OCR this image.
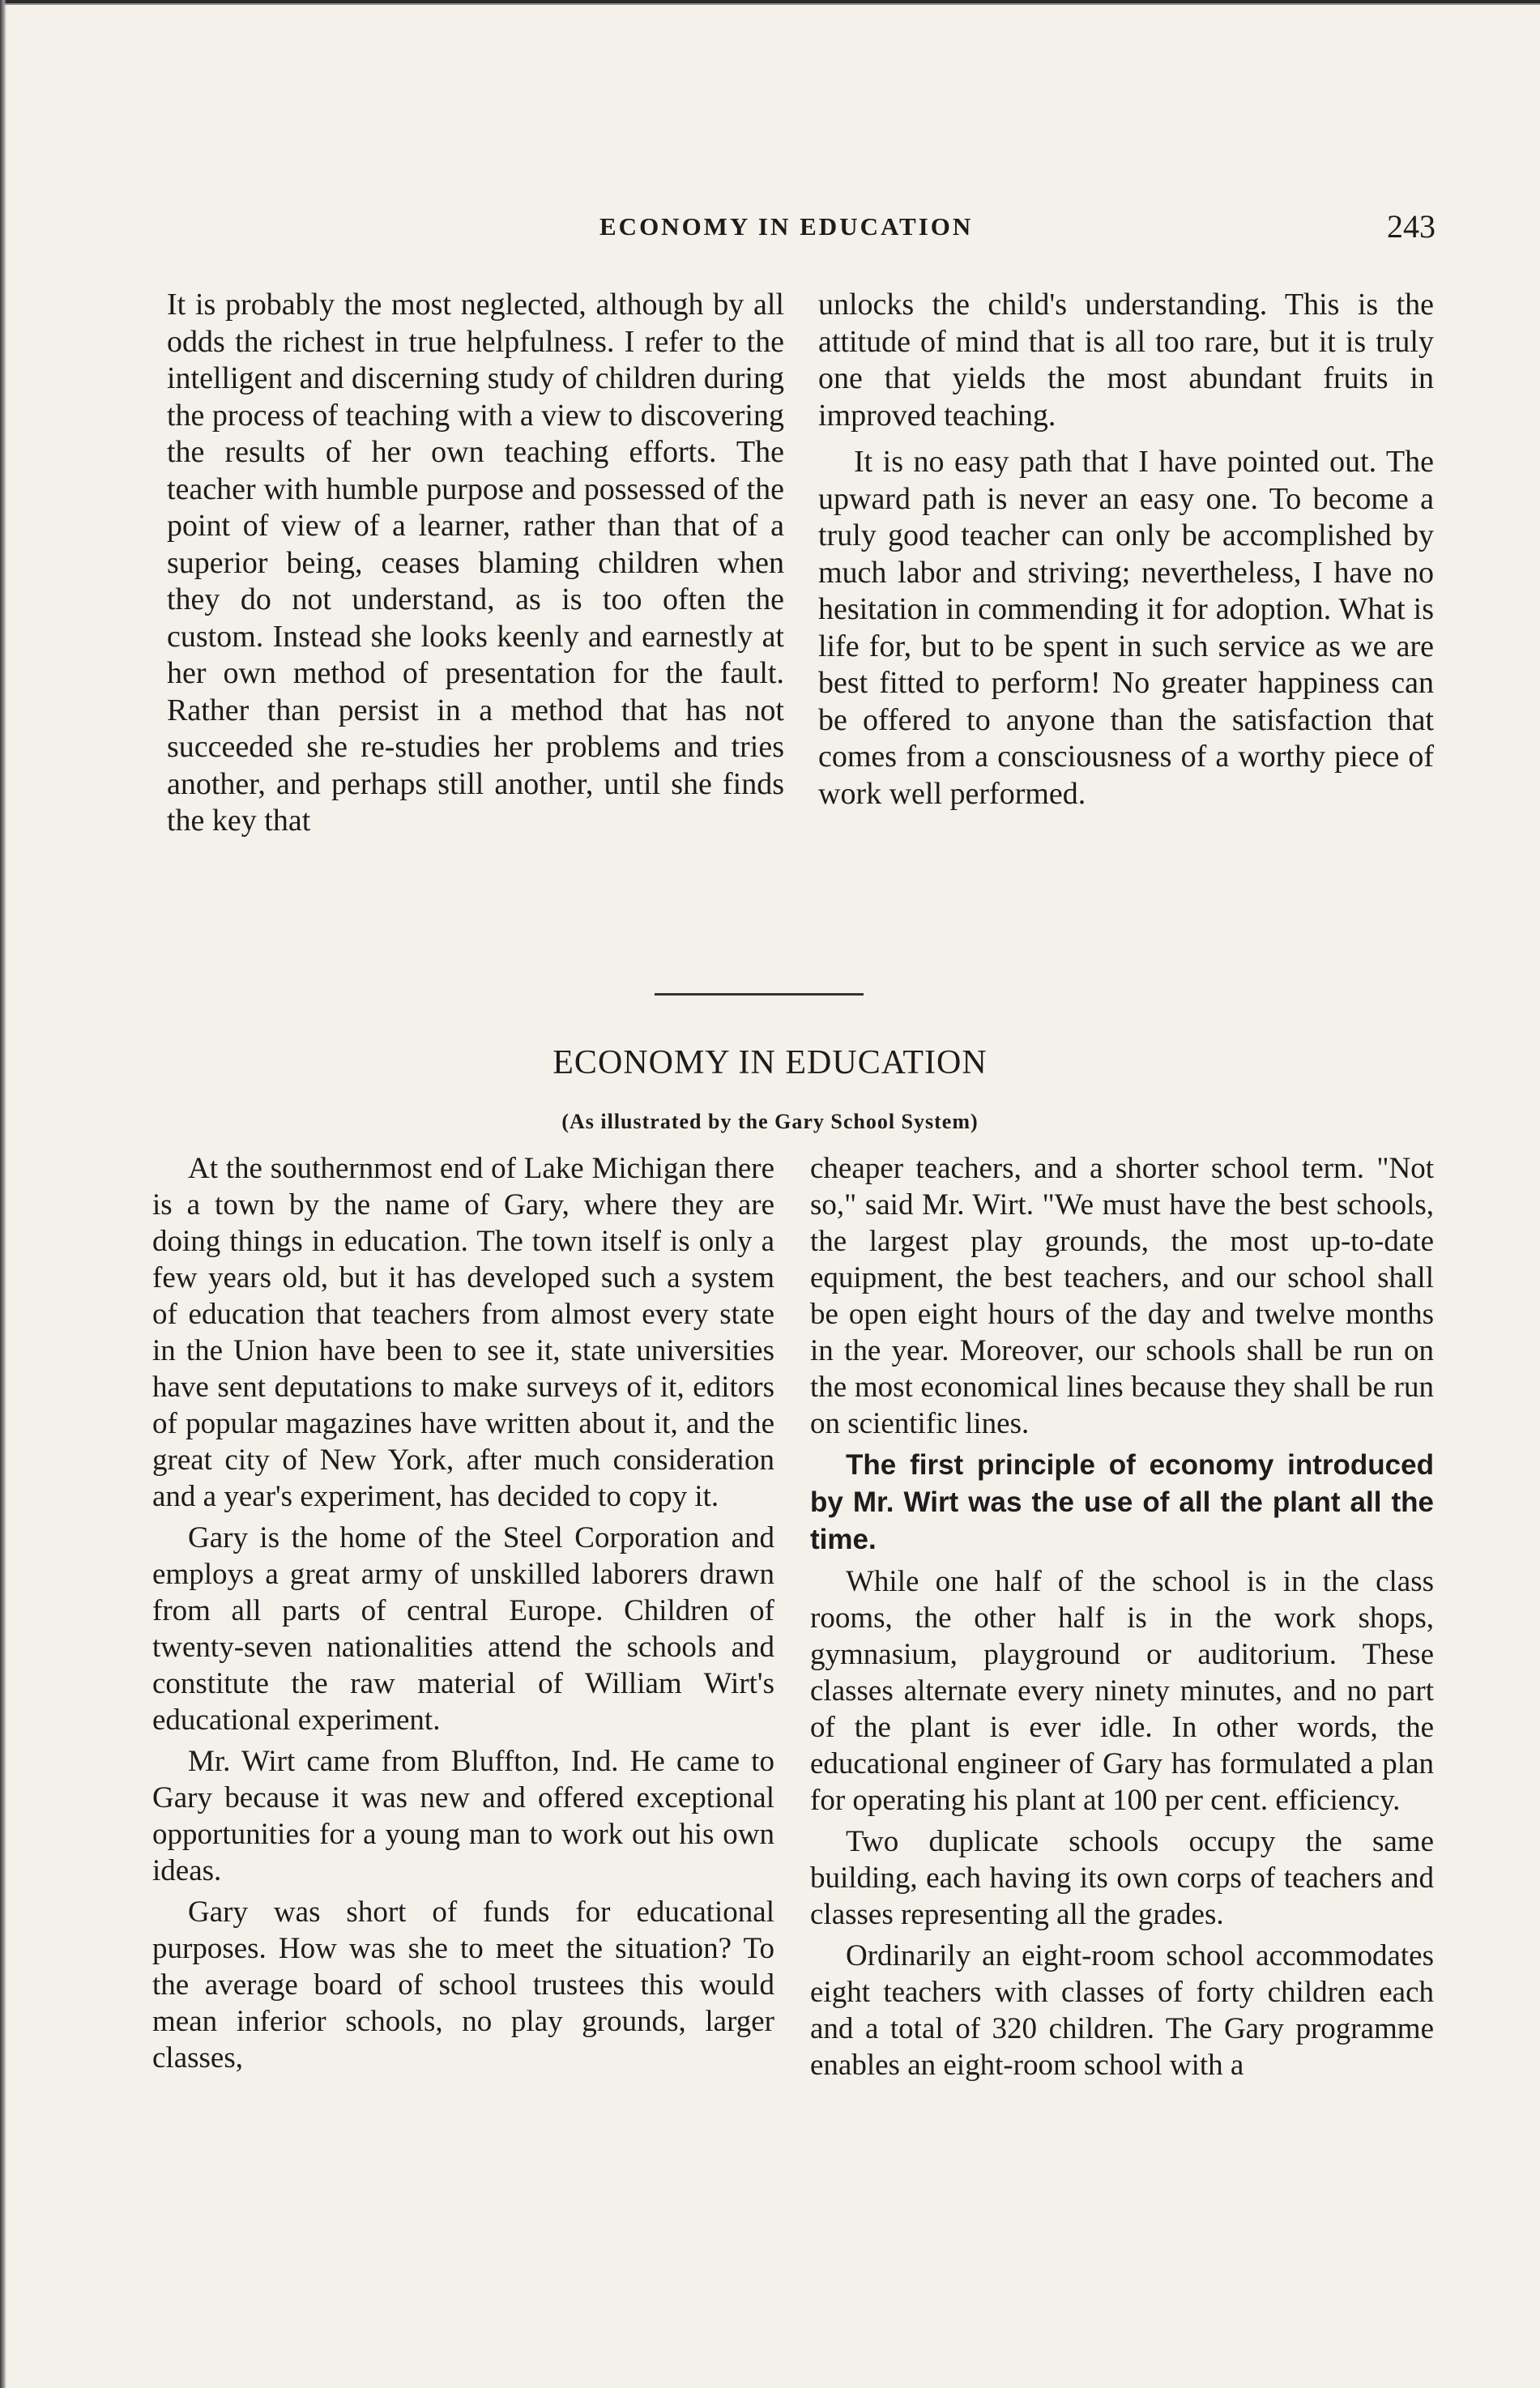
ECONOMY IN EDUCATION	243

It is probably the most neglected, although by all odds the richest in true helpfulness. I refer to the intelligent and discerning study of children during the process of teaching with a view to discovering the results of her own teaching efforts. The teacher with humble purpose and possessed of the point of view of a learner, rather than that of a superior being, ceases blaming children when they do not understand, as is too often the custom. Instead she looks keenly and earnestly at her own method of presentation for the fault. Rather than persist in a method that has not succeeded she re-studies her problems and tries another, and perhaps still another, until she finds the key that

unlocks the child's understanding. This is the attitude of mind that is all too rare, but it is truly one that yields the most abundant fruits in improved teaching.

It is no easy path that I have pointed out. The upward path is never an easy one. To become a truly good teacher can only be accomplished by much labor and striving; nevertheless, I have no hesitation in commending it for adoption. What is life for, but to be spent in such service as we are best fitted to perform! No greater happiness can be offered to anyone than the satisfaction that comes from a consciousness of a worthy piece of work well performed.

ECONOMY IN EDUCATION
(As illustrated by the Gary School System)

At the southernmost end of Lake Michigan there is a town by the name of Gary, where they are doing things in education. The town itself is only a few years old, but it has developed such a system of education that teachers from almost every state in the Union have been to see it, state universities have sent deputations to make surveys of it, editors of popular magazines have written about it, and the great city of New York, after much consideration and a year's experiment, has decided to copy it.

Gary is the home of the Steel Corporation and employs a great army of unskilled laborers drawn from all parts of central Europe. Children of twenty-seven nationalities attend the schools and constitute the raw material of William Wirt's educational experiment.

Mr. Wirt came from Bluffton, Ind. He came to Gary because it was new and offered exceptional opportunities for a young man to work out his own ideas.

Gary was short of funds for educational purposes. How was she to meet the situation? To the average board of school trustees this would mean inferior schools, no play grounds, larger classes,

cheaper teachers, and a shorter school term. "Not so," said Mr. Wirt. "We must have the best schools, the largest play grounds, the most up-to-date equipment, the best teachers, and our school shall be open eight hours of the day and twelve months in the year. Moreover, our schools shall be run on the most economical lines because they shall be run on scientific lines.

The first principle of economy introduced by Mr. Wirt was the use of all the plant all the time.

While one half of the school is in the class rooms, the other half is in the work shops, gymnasium, playground or auditorium. These classes alternate every ninety minutes, and no part of the plant is ever idle. In other words, the educational engineer of Gary has formulated a plan for operating his plant at 100 per cent. efficiency.

Two duplicate schools occupy the same building, each having its own corps of teachers and classes representing all the grades.

Ordinarily an eight-room school accommodates eight teachers with classes of forty children each and a total of 320 children. The Gary programme enables an eight-room school with a
